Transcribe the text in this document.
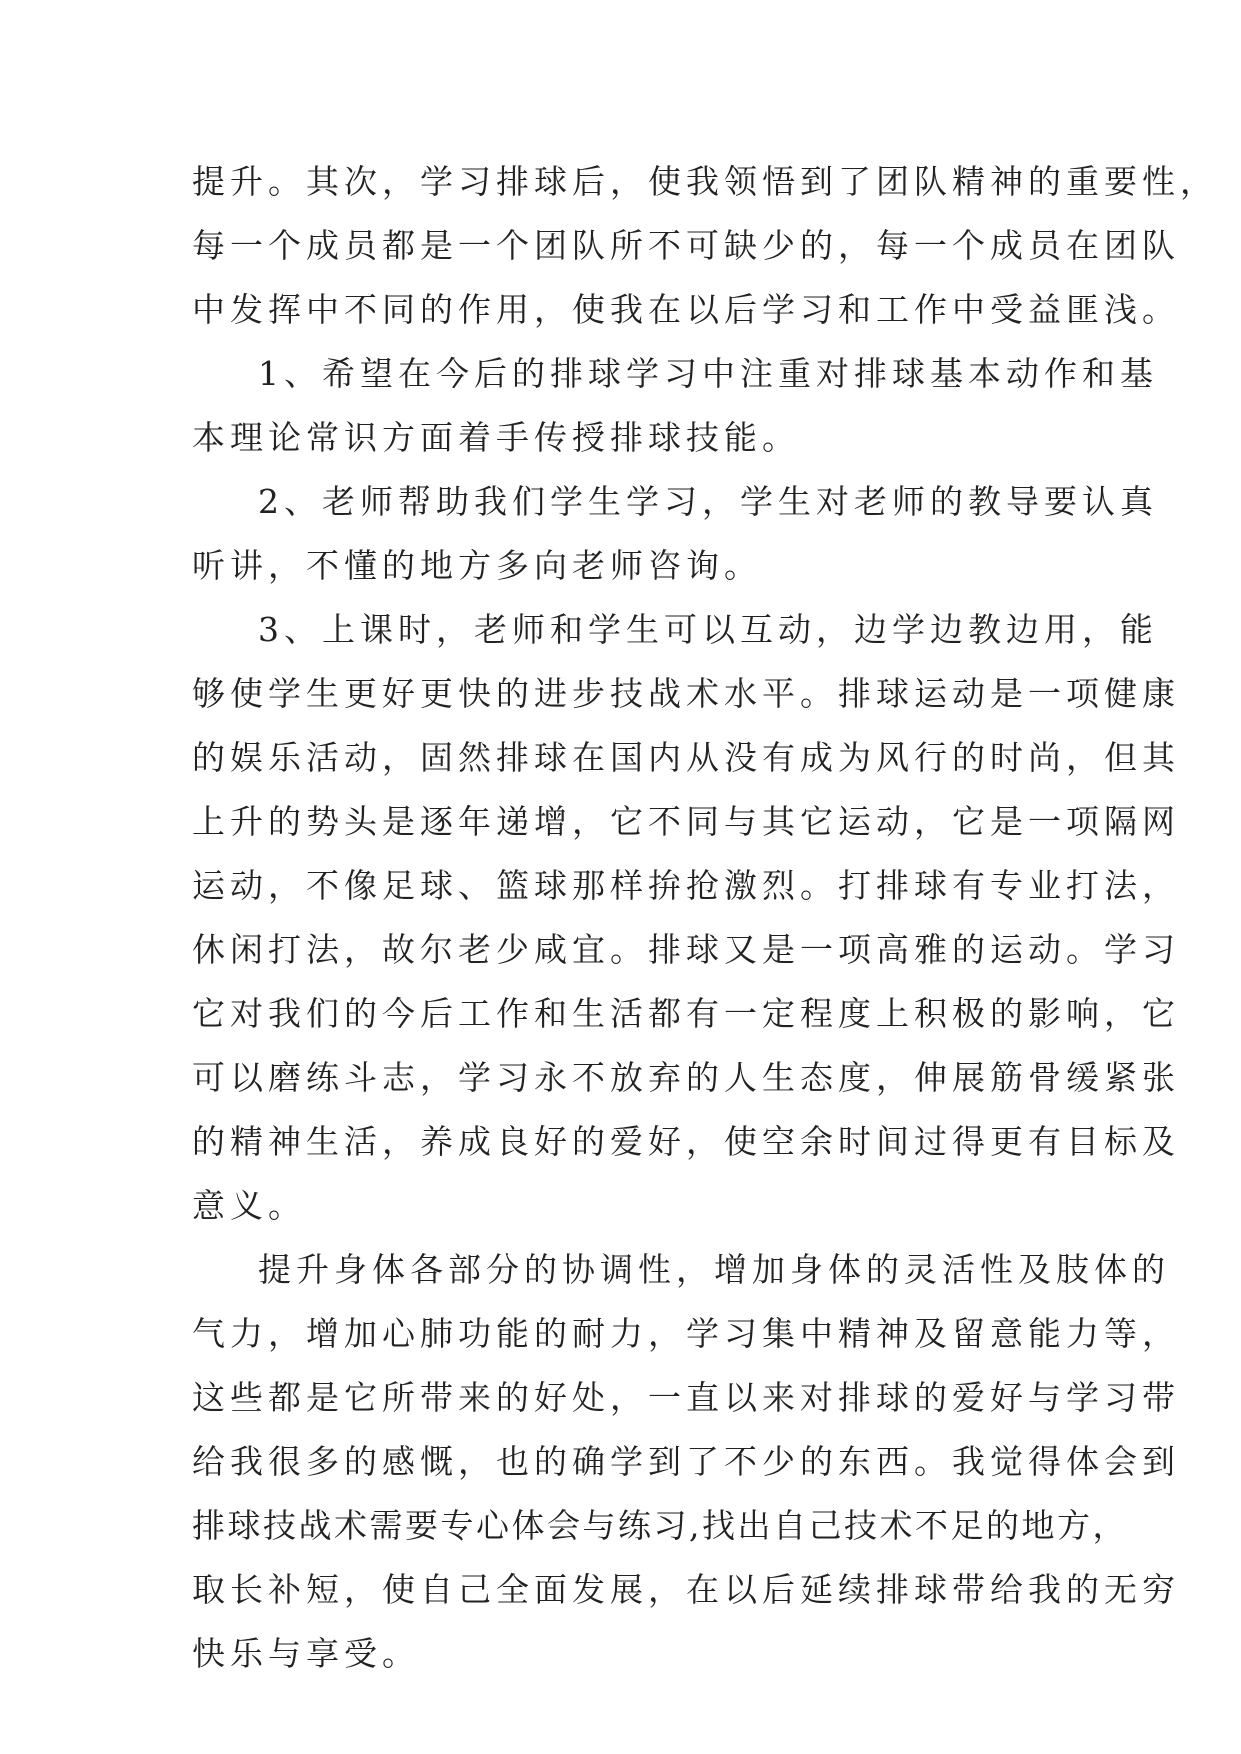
提升。其次，学习排球后，使我领悟到了团队精神的重要性，
每一个成员都是一个团队所不可缺少的，每一个成员在团队
中发挥中不同的作用，使我在以后学习和工作中受益匪浅。
1、希望在今后的排球学习中注重对排球基本动作和基
本理论常识方面着手传授排球技能。
2、老师帮助我们学生学习，学生对老师的教导要认真
听讲，不懂的地方多向老师咨询。
3、上课时，老师和学生可以互动，边学边教边用，能
够使学生更好更快的进步技战术水平。排球运动是一项健康
的娱乐活动，固然排球在国内从没有成为风行的时尚，但其
上升的势头是逐年递增，它不同与其它运动，它是一项隔网
运动，不像足球、篮球那样拚抢激烈。打排球有专业打法，
休闲打法，故尔老少咸宜。排球又是一项高雅的运动。学习
它对我们的今后工作和生活都有一定程度上积极的影响，它
可以磨练斗志，学习永不放弃的人生态度，伸展筋骨缓紧张
的精神生活，养成良好的爱好，使空余时间过得更有目标及
意义。
提升身体各部分的协调性，增加身体的灵活性及肢体的
气力，增加心肺功能的耐力，学习集中精神及留意能力等，
这些都是它所带来的好处，一直以来对排球的爱好与学习带
给我很多的感慨，也的确学到了不少的东西。我觉得体会到
排球技战术需要专心体会与练习,找出自己技术不足的地方，
取长补短，使自己全面发展，在以后延续排球带给我的无穷
快乐与享受。
